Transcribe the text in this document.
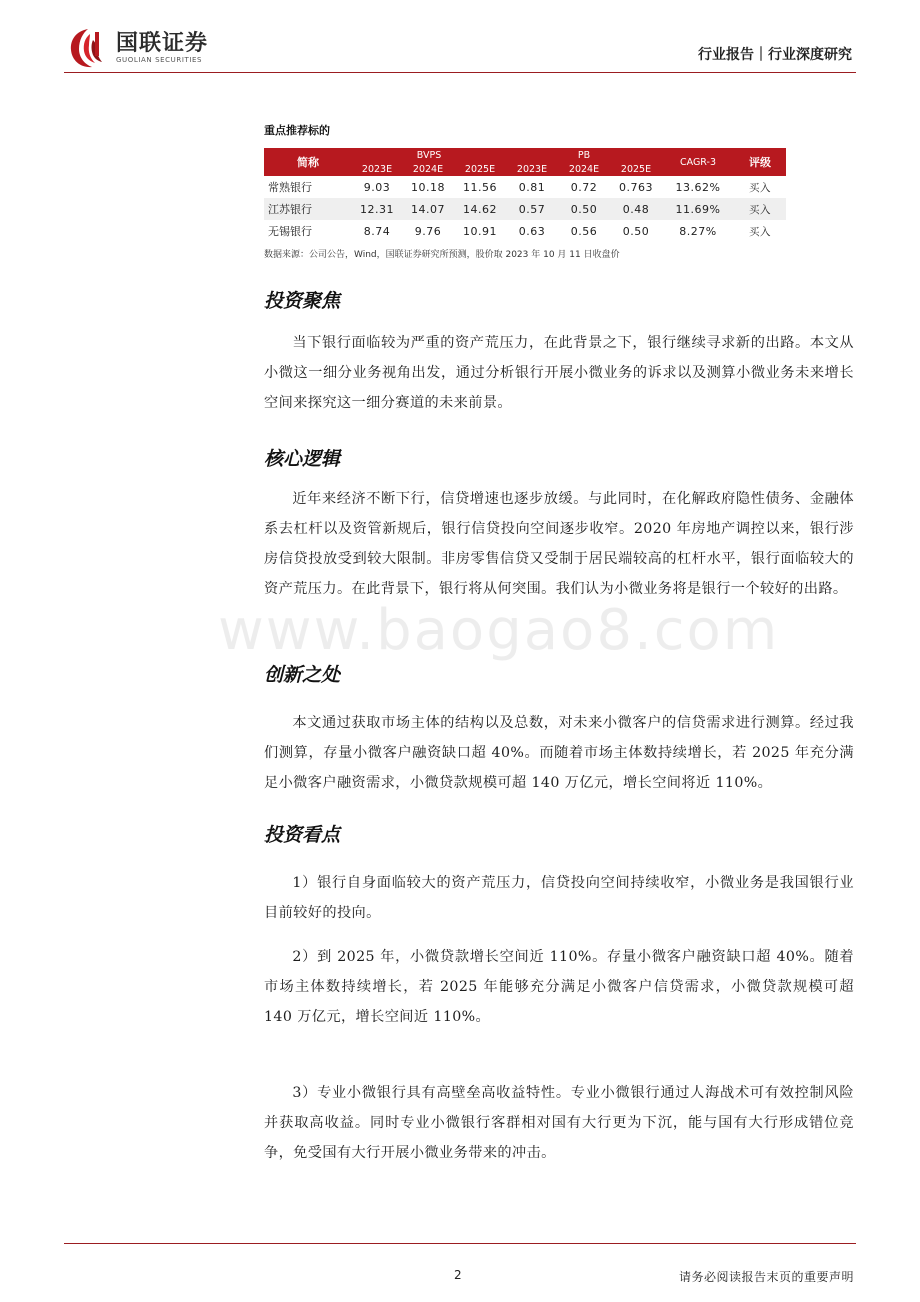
国联证券
GUOLIAN SECURITIES	行业报告｜行业深度研究
重点推荐标的
简称	BVPS			PB			CAGR-3	评级
	2023E	2024E	2025E	2023E	2024E	2025E		
常熟银行	9.03	10.18	11.56	0.81	0.72	0.763	13.62%	买入
江苏银行	12.31	14.07	14.62	0.57	0.50	0.48	11.69%	买入
无锡银行	8.74	9.76	10.91	0.63	0.56	0.50	8.27%	买入
数据来源：公司公告，Wind，国联证券研究所预测，股价取 2023 年 10 月 11 日收盘价
投资聚焦

当下银行面临较为严重的资产荒压力，在此背景之下，银行继续寻求新的出路。本文从小微这一细分业务视角出发，通过分析银行开展小微业务的诉求以及测算小微业务未来增长空间来探究这一细分赛道的未来前景。

核心逻辑

近年来经济不断下行，信贷增速也逐步放缓。与此同时，在化解政府隐性债务、金融体系去杠杆以及资管新规后，银行信贷投向空间逐步收窄。2020 年房地产调控以来，银行涉房信贷投放受到较大限制。非房零售信贷又受制于居民端较高的杠杆水平，银行面临较大的资产荒压力。在此背景下，银行将从何突围。我们认为小微业务将是银行一个较好的出路。

www.baogao8.com
创新之处

本文通过获取市场主体的结构以及总数，对未来小微客户的信贷需求进行测算。经过我们测算，存量小微客户融资缺口超 40%。而随着市场主体数持续增长，若 2025 年充分满足小微客户融资需求，小微贷款规模可超 140 万亿元，增长空间将近 110%。

投资看点

1）银行自身面临较大的资产荒压力，信贷投向空间持续收窄，小微业务是我国银行业目前较好的投向。

2）到 2025 年，小微贷款增长空间近 110%。存量小微客户融资缺口超 40%。随着市场主体数持续增长，若 2025 年能够充分满足小微客户信贷需求，小微贷款规模可超 140 万亿元，增长空间近 110%。

3）专业小微银行具有高壁垒高收益特性。专业小微银行通过人海战术可有效控制风险并获取高收益。同时专业小微银行客群相对国有大行更为下沉，能与国有大行形成错位竞争，免受国有大行开展小微业务带来的冲击。

2	请务必阅读报告末页的重要声明
